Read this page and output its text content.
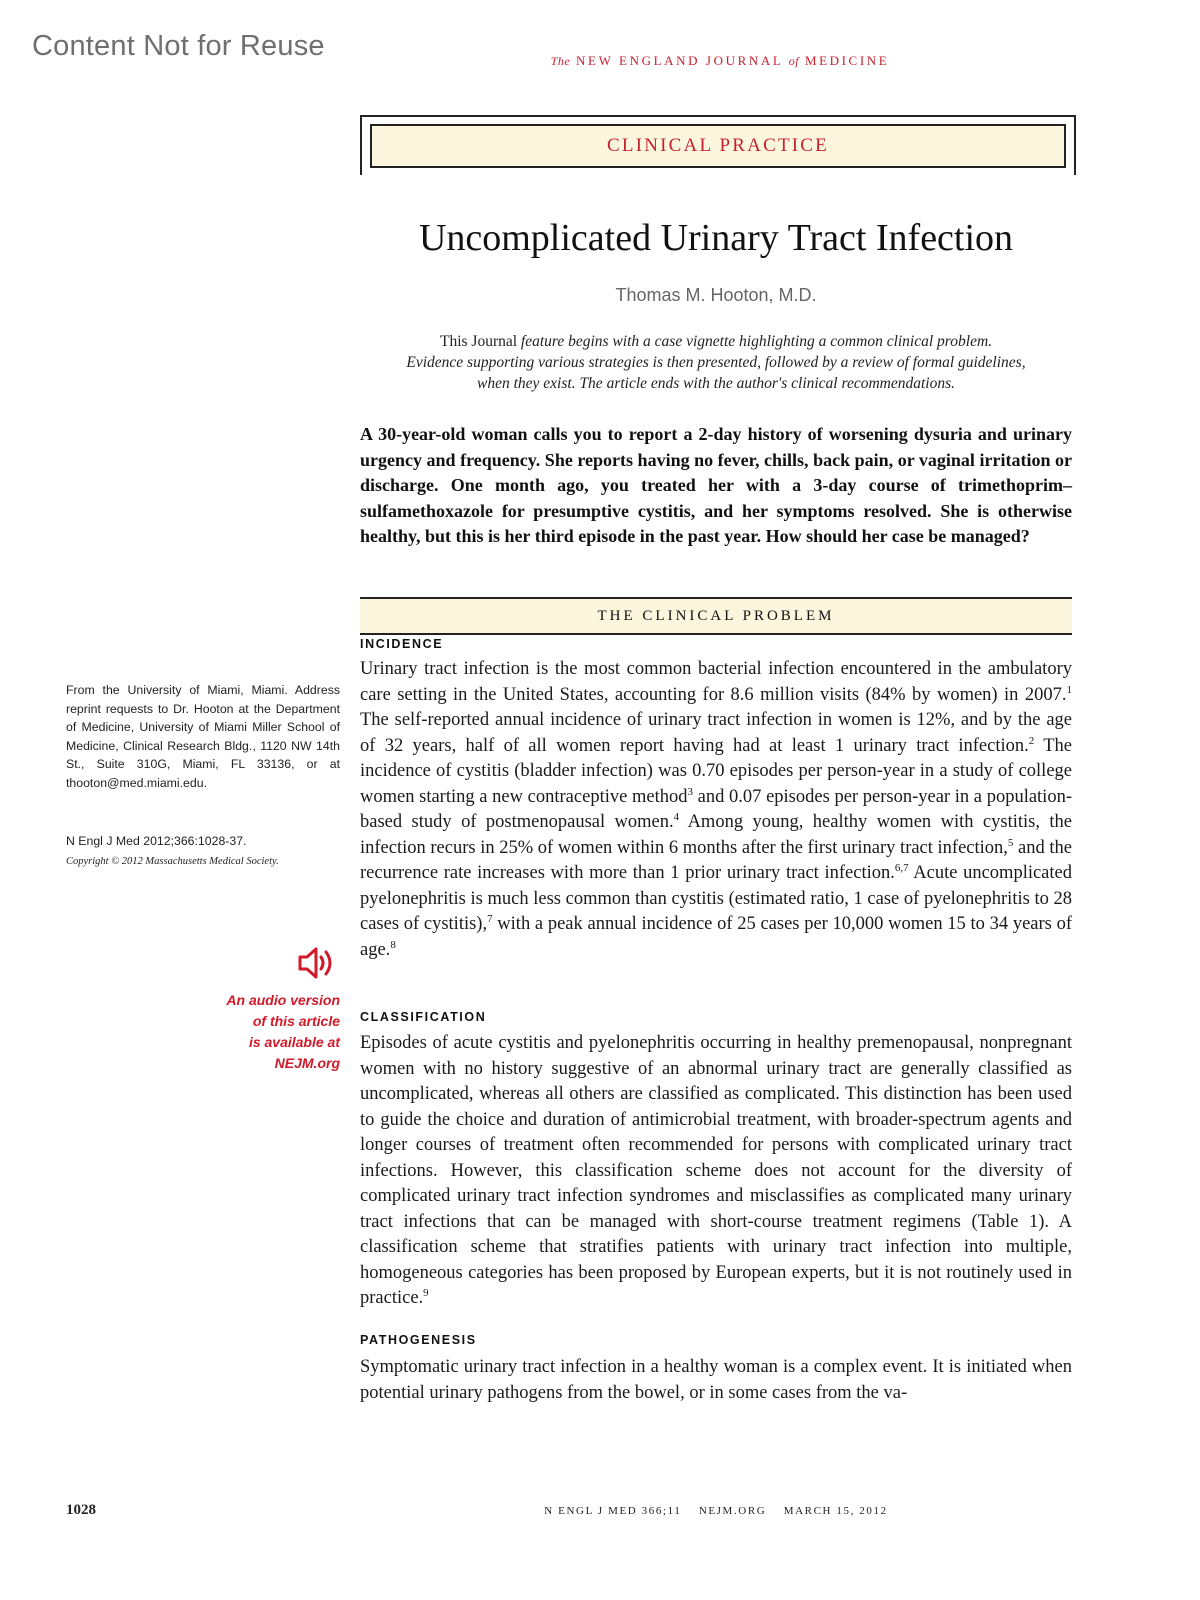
Content Not for Reuse	The NEW ENGLAND JOURNAL of MEDICINE
CLINICAL PRACTICE
Uncomplicated Urinary Tract Infection
Thomas M. Hooton, M.D.
This Journal feature begins with a case vignette highlighting a common clinical problem.
Evidence supporting various strategies is then presented, followed by a review of formal guidelines,
when they exist. The article ends with the author's clinical recommendations.

A 30-year-old woman calls you to report a 2-day history of worsening dysuria and urinary urgency and frequency. She reports having no fever, chills, back pain, or vaginal irritation or discharge. One month ago, you treated her with a 3-day course of trimethoprim–sulfamethoxazole for presumptive cystitis, and her symptoms resolved. She is otherwise healthy, but this is her third episode in the past year. How should her case be managed?

THE CLINICAL PROBLEM
INCIDENCE

Urinary tract infection is the most common bacterial infection encountered in the ambulatory care setting in the United States, accounting for 8.6 million visits (84% by women) in 2007.$^1$ The self-reported annual incidence of urinary tract infection in women is 12%, and by the age of 32 years, half of all women report having had at least 1 urinary tract infection.$^2$ The incidence of cystitis (bladder infection) was 0.70 episodes per person-year in a study of college women starting a new contraceptive method$^3$ and 0.07 episodes per person-year in a population-based study of postmenopausal women.$^4$ Among young, healthy women with cystitis, the infection recurs in 25% of women within 6 months after the first urinary tract infection,$^5$ and the recurrence rate increases with more than 1 prior urinary tract infection.$^{6,7}$ Acute uncomplicated pyelonephritis is much less common than cystitis (estimated ratio, 1 case of pyelonephritis to 28 cases of cystitis),$^7$ with a peak annual incidence of 25 cases per 10,000 women 15 to 34 years of age.$^8$

CLASSIFICATION

Episodes of acute cystitis and pyelonephritis occurring in healthy premenopausal, nonpregnant women with no history suggestive of an abnormal urinary tract are generally classified as uncomplicated, whereas all others are classified as complicated. This distinction has been used to guide the choice and duration of antimicrobial treatment, with broader-spectrum agents and longer courses of treatment often recommended for persons with complicated urinary tract infections. However, this classification scheme does not account for the diversity of complicated urinary tract infection syndromes and misclassifies as complicated many urinary tract infections that can be managed with short-course treatment regimens (Table 1). A classification scheme that stratifies patients with urinary tract infection into multiple, homogeneous categories has been proposed by European experts, but it is not routinely used in practice.$^9$

PATHOGENESIS

Symptomatic urinary tract infection in a healthy woman is a complex event. It is initiated when potential urinary pathogens from the bowel, or in some cases from the va-

From the University of Miami, Miami. Address reprint requests to Dr. Hooton at the Department of Medicine, University of Miami Miller School of Medicine, Clinical Research Bldg., 1120 NW 14th St., Suite 310G, Miami, FL 33136, or at thooton@med.miami.edu.
N Engl J Med 2012;366:1028-37.
Copyright © 2012 Massachusetts Medical Society.
An audio version
of this article
is available at
NEJM.org
1028	N ENGL J MED 366;11    NEJM.ORG    MARCH 15, 2012
